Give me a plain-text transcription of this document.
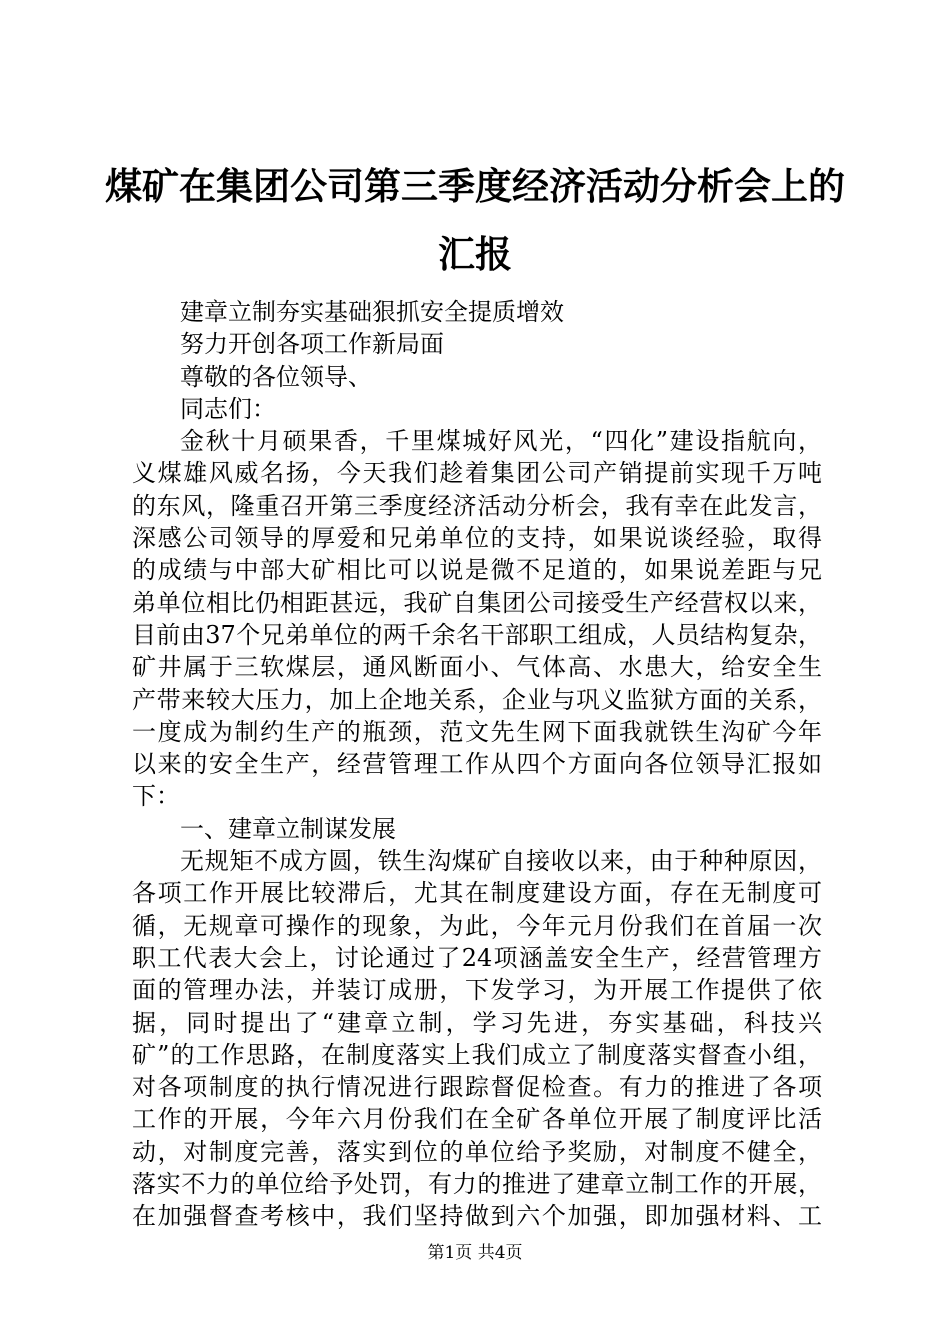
煤矿在集团公司第三季度经济活动分析会上的
汇报
建章立制夯实基础狠抓安全提质增效
努力开创各项工作新局面
尊敬的各位领导、
同志们：
金秋十月硕果香，千里煤城好风光，“四化”建设指航向，
义煤雄风威名扬，今天我们趁着集团公司产销提前实现千万吨
的东风，隆重召开第三季度经济活动分析会，我有幸在此发言，
深感公司领导的厚爱和兄弟单位的支持，如果说谈经验，取得
的成绩与中部大矿相比可以说是微不足道的，如果说差距与兄
弟单位相比仍相距甚远，我矿自集团公司接受生产经营权以来，
目前由37个兄弟单位的两千余名干部职工组成，人员结构复杂，
矿井属于三软煤层，通风断面小、气体高、水患大，给安全生
产带来较大压力，加上企地关系，企业与巩义监狱方面的关系，
一度成为制约生产的瓶颈，范文先生网下面我就铁生沟矿今年
以来的安全生产，经营管理工作从四个方面向各位领导汇报如
下：
一、建章立制谋发展
无规矩不成方圆，铁生沟煤矿自接收以来，由于种种原因，
各项工作开展比较滞后，尤其在制度建设方面，存在无制度可
循，无规章可操作的现象，为此，今年元月份我们在首届一次
职工代表大会上，讨论通过了24项涵盖安全生产，经营管理方
面的管理办法，并装订成册，下发学习，为开展工作提供了依
据，同时提出了“建章立制，学习先进，夯实基础，科技兴
矿”的工作思路，在制度落实上我们成立了制度落实督查小组，
对各项制度的执行情况进行跟踪督促检查。有力的推进了各项
工作的开展，今年六月份我们在全矿各单位开展了制度评比活
动，对制度完善，落实到位的单位给予奖励，对制度不健全，
落实不力的单位给予处罚，有力的推进了建章立制工作的开展，
在加强督查考核中，我们坚持做到六个加强，即加强材料、工
第1页 共4页
